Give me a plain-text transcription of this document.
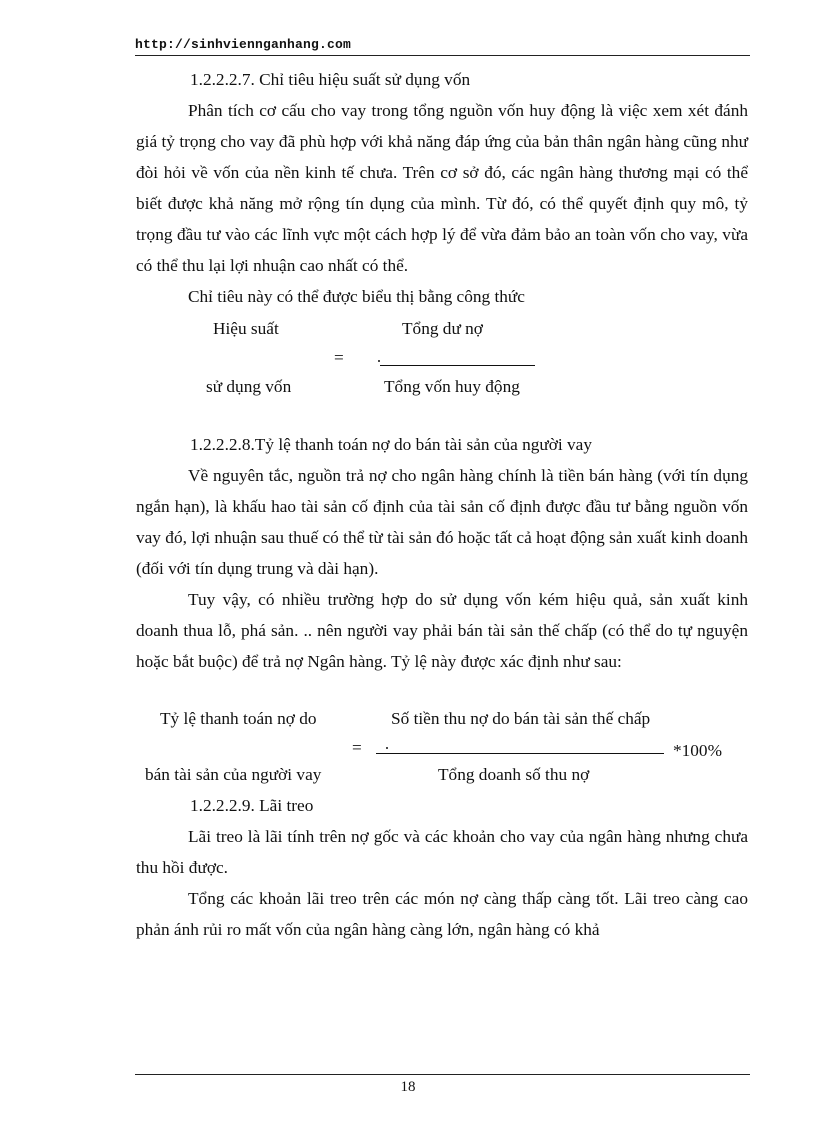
http://sinhviennganhang.com

1.2.2.2.7. Chỉ tiêu hiệu suất sử dụng vốn

Phân tích cơ cấu cho vay trong tổng nguồn vốn huy động là việc xem xét đánh giá tỷ trọng cho vay đã phù hợp với khả năng đáp ứng của bản thân ngân hàng cũng như đòi hỏi về vốn của nền kinh tế chưa. Trên cơ sở đó, các ngân hàng thương mại có thể biết được khả năng mở rộng tín dụng của mình. Từ đó, có thể quyết định quy mô, tỷ trọng đầu tư vào các lĩnh vực một cách hợp lý để vừa đảm bảo an toàn vốn cho vay, vừa có thể thu lại lợi nhuận cao nhất có thể.

Chỉ tiêu này có thể được biểu thị bằng công thức

Hiệu suất
sử dụng vốn
=
Tổng dư nợ
Tổng vốn huy động

1.2.2.2.8.Tỷ lệ thanh toán nợ do bán tài sản của người vay

Về nguyên tắc, nguồn trả nợ cho ngân hàng chính là tiền bán hàng (với tín dụng ngắn hạn), là khấu hao tài sản cố định của tài sản cố định được đầu tư bằng nguồn vốn vay đó, lợi nhuận sau thuế có thể từ tài sản đó hoặc tất cả hoạt động sản xuất kinh doanh (đối với tín dụng trung và dài hạn).

Tuy vậy, có nhiều trường hợp do sử dụng vốn kém hiệu quả, sản xuất kinh doanh thua lỗ, phá sản. .. nên người vay phải bán tài sản thế chấp (có thể do tự nguyện hoặc bắt buộc) để trả nợ Ngân hàng. Tỷ lệ này được xác định như sau:

Tỷ lệ thanh toán nợ do
bán tài sản của người vay
=
Số tiền thu nợ do bán tài sản thế chấp
*100%
Tổng doanh số thu nợ

1.2.2.2.9. Lãi treo

Lãi treo là lãi tính trên nợ gốc và các khoản cho vay của ngân hàng nhưng chưa thu hồi được.

Tổng các khoản lãi treo trên các món nợ càng thấp càng tốt. Lãi treo càng cao phản ánh rủi ro mất vốn của ngân hàng càng lớn, ngân hàng có khả

18
